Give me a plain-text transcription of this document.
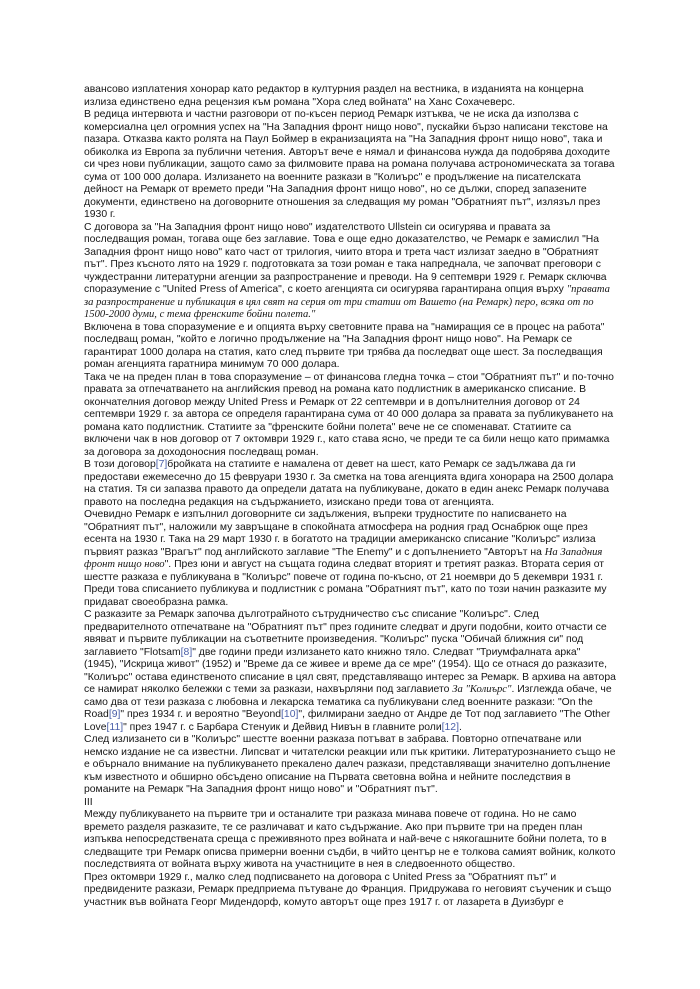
авансово изплатения хонорар като редактор в културния раздел на вестника, в изданията на концерна излиза единствено една рецензия към романа "Хора след войната" на Ханс Сохачеверс.

В редица интервюта и частни разговори от по-късен период Ремарк изтъква, че не иска да използва с комерсиална цел огромния успех на "На Западния фронт нищо ново", пускайки бързо написани текстове на пазара. Отказва както ролята на Паул Боймер в екранизацията на "На Западния фронт нищо ново", така и обиколка из Европа за публични четения. Авторът вече е нямал и финансова нужда да подобрява доходите си чрез нови публикации, защото само за филмовите права на романа получава астрономическата за тогава сума от 100 000 долара. Излизането на военните разкази в "Колиърс" е продължение на писателската дейност на Ремарк от времето преди "На Западния фронт нищо ново", но се дължи, според запазените документи, единствено на договорните отношения за следващия му роман "Обратният път", излязъл през 1930 г.

С договора за "На Западния фронт нищо ново" издателството Ullstein си осигурява и правата за последващия роман, тогава още без заглавие. Това е още едно доказателство, че Ремарк е замислил "На Западния фронт нищо ново" като част от трилогия, чиито втора и трета част излизат заедно в "Обратният път". През късното лято на 1929 г. подготовката за този роман е така напреднала, че започват преговори с чуждестранни литературни агенции за разпространение и преводи. На 9 септември 1929 г. Ремарк сключва споразумение с "United Press of America", с което агенцията си осигурява гарантирана опция върху "правата за разпространение и публикация в цял свят на серия от три статии от Вашето (на Ремарк) перо, всяка от по 1500-2000 думи, с тема френските бойни полета."

Включена в това споразумение е и опцията върху световните права на "намиращия се в процес на работа" последващ роман, "който е логично продължение на "На Западния фронт нищо ново". На Ремарк се гарантират 1000 долара на статия, като след първите три трябва да последват още шест. За последващия роман агенцията гаратнира минимум 70 000 долара.

Така че на преден план в това споразумение – от финансова гледна точка – стои "Обратният път" и по-точно правата за отпечатването на английския превод на романа като подлистник в американско списание. В окончателния договор между United Press и Ремарк от 22 септември и в допълнителния договор от 24 септември 1929 г. за автора се определя гарантирана сума от 40 000 долара за правата за публикуването на романа като подлистник. Статиите за "френските бойни полета" вече не се споменават. Статиите са включени чак в нов договор от 7 октомври 1929 г., като става ясно, че преди те са били нещо като примамка за договора за доходоносния последващ роман.

В този договор[7]бройката на статиите е намалена от девет на шест, като Ремарк се задължава да ги предостави ежемесечно до 15 февруари 1930 г. За сметка на това агенцията вдига хонорара на 2500 долара на статия. Тя си запазва правото да определи датата на публикуване, докато в един анекс Ремарк получава правото на последна редакция на съдържанието, изискано преди това от агенцията.

Очевидно Ремарк е изпълнил договорните си задължения, въпреки трудностите по написването на "Обратният път", наложили му завръщане в спокойната атмосфера на родния град Оснабрюк още през есента на 1930 г. Така на 29 март 1930 г. в богатото на традиции американско списание "Колиърс" излиза първият разказ "Врагът" под английското заглавие "The Enemy" и с допълнението "Авторът на На Западния фронт нищо ново". През юни и август на същата година следват вторият и третият разказ. Втората серия от шестте разказа е публикувана в "Колиърс" повече от година по-късно, от 21 ноември до 5 декември 1931 г. Преди това списанието публикува и подлистник с романа "Обратният път", като по този начин разказите му придават своеобразна рамка.

С разказите за Ремарк започва дълготрайното сътрудничество със списание "Колиърс". След предварителното отпечатване на "Обратният път" през годините следват и други подобни, които отчасти се явяват и първите публикации на съответните произведения. "Колиърс" пуска "Обичай ближния си" под заглавието "Flotsam[8]" две години преди излизането като книжно тяло. Следват "Триумфалната арка" (1945), "Искрица живот" (1952) и "Време да се живее и време да се мре" (1954). Що се отнася до разказите, "Колиърс" остава единственото списание в цял свят, представляващо интерес за Ремарк. В архива на автора се намират няколко бележки с теми за разкази, нахвърляни под заглавието За "Колиърс". Изглежда обаче, че само два от тези разказа с любовна и лекарска тематика са публикувани след военните разкази: "On the Road[9]" през 1934 г. и вероятно "Beyond[10]", филмирани заедно от Андре де Тот под заглавието "The Other Love[11]" през 1947 г. с Барбара Стенуик и Дейвид Нивън в главните роли[12].

След излизането си в "Колиърс" шестте военни разказа потъват в забрава. Повторно отпечатване или немско издание не са известни. Липсват и читателски реакции или пък критики. Литературознанието също не е обърнало внимание на публикуването прекалено далеч разкази, представляващи значително допълнение към известното и обширно обсъдено описание на Първата световна война и нейните последствия в романите на Ремарк "На Западния фронт нищо ново" и "Обратният път".

III

Между публикуването на първите три и останалите три разказа минава повече от година. Но не само времето разделя разказите, те се различават и като съдържание. Ако при първите три на преден план изпъква непосредствената среща с преживяното през войната и най-вече с някогашните бойни полета, то в следващите три Ремарк описва примерни военни съдби, в чийто център не е толкова самият войник, колкото последствията от войната върху живота на участниците в нея в следвоенното общество.

През октомври 1929 г., малко след подписването на договора с United Press за "Обратният път" и предвидените разкази, Ремарк предприема пътуване до Франция. Придружава го неговият съученик и също участник във войната Георг Мидендорф, комуто авторът още през 1917 г. от лазарета в Дуизбург е
